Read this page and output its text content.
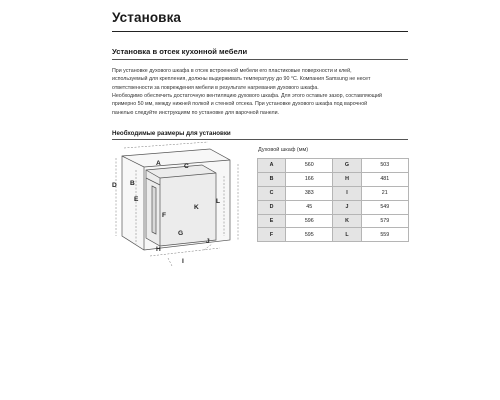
Установка
Установка в отсек кухонной мебели
При установке духового шкафа в отсек встроенной мебели его пластиковые поверхности и клей,
используемый для крепления, должны выдерживать температуру до 90 °C. Компания Samsung не несет
ответственности за повреждения мебели в результате нагревания духового шкафа.
Необходимо обеспечить достаточную вентиляцию духового шкафа. Для этого оставьте зазор, составляющий
примерно 50 мм, между нижней полкой и стенкой отсека. При установке духового шкафа под варочной
панелью следуйте инструкциям по установке для варочной панели.
Необходимые размеры для установки
A
B
C
D
E
F
G
H
I
J
K
L
Духовой шкаф (мм)
A	560	G	503
B	166	H	481
C	383	I	21
D	45	J	549
E	596	K	579
F	595	L	559
